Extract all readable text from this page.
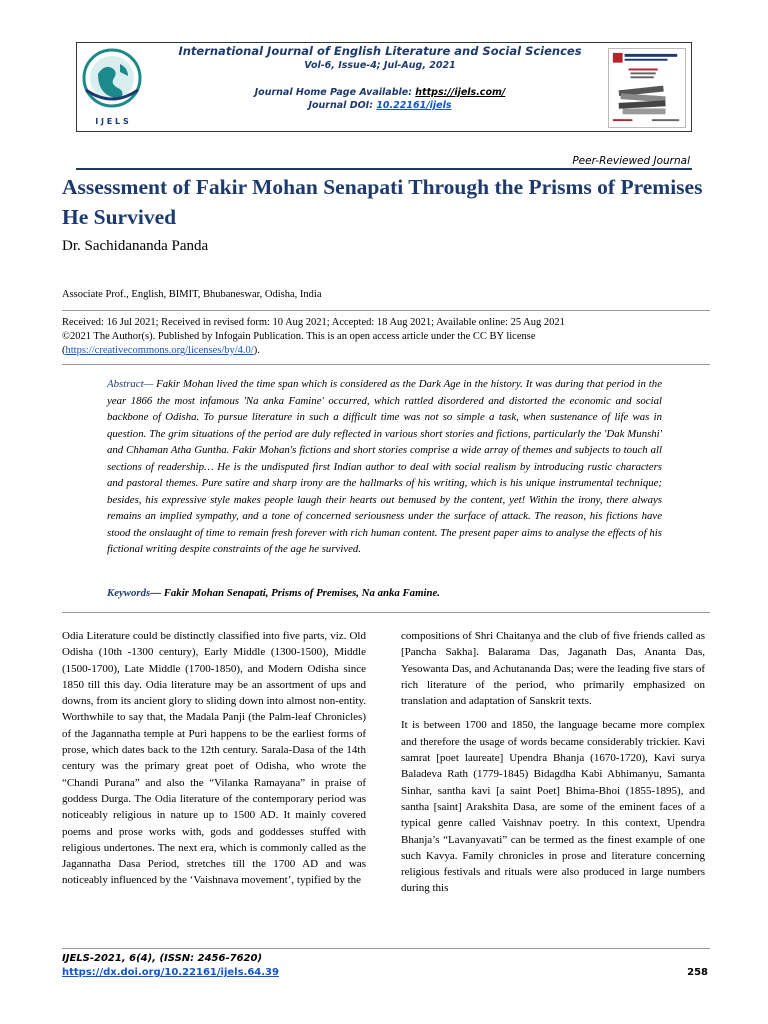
I J E L S
International Journal of English Literature and Social Sciences
Vol-6, Issue-4; Jul-Aug, 2021
Journal Home Page Available: https://ijels.com/
Journal DOI: 10.22161/ijels
Peer-Reviewed Journal
Assessment of Fakir Mohan Senapati Through the Prisms of Premises He Survived
Dr. Sachidananda Panda
Associate Prof., English, BIMIT, Bhubaneswar, Odisha, India
Received: 16 Jul 2021; Received in revised form: 10 Aug 2021; Accepted: 18 Aug 2021; Available online: 25 Aug 2021
©2021 The Author(s). Published by Infogain Publication. This is an open access article under the CC BY license
(https://creativecommons.org/licenses/by/4.0/).
Abstract— Fakir Mohan lived the time span which is considered as the Dark Age in the history. It was during that period in the year 1866 the most infamous 'Na anka Famine' occurred, which rattled disordered and distorted the economic and social backbone of Odisha. To pursue literature in such a difficult time was not so simple a task, when sustenance of life was in question. The grim situations of the period are duly reflected in various short stories and fictions, particularly the 'Dak Munshi' and Chhaman Atha Guntha. Fakir Mohan's fictions and short stories comprise a wide array of themes and subjects to touch all sections of readership… He is the undisputed first Indian author to deal with social realism by introducing rustic characters and pastoral themes. Pure satire and sharp irony are the hallmarks of his writing, which is his unique instrumental technique; besides, his expressive style makes people laugh their hearts out bemused by the content, yet! Within the irony, there always remains an implied sympathy, and a tone of concerned seriousness under the surface of attack. The reason, his fictions have stood the onslaught of time to remain fresh forever with rich human content. The present paper aims to analyse the effects of his fictional writing despite constraints of the age he survived.
Keywords— Fakir Mohan Senapati, Prisms of Premises, Na anka Famine.

Odia Literature could be distinctly classified into five parts, viz. Old Odisha (10th -1300 century), Early Middle (1300-1500), Middle (1500-1700), Late Middle (1700-1850), and Modern Odisha since 1850 till this day. Odia literature may be an assortment of ups and downs, from its ancient glory to sliding down into almost non-entity. Worthwhile to say that, the Madala Panji (the Palm-leaf Chronicles) of the Jagannatha temple at Puri happens to be the earliest forms of prose, which dates back to the 12th century. Sarala-Dasa of the 14th century was the primary great poet of Odisha, who wrote the “Chandi Purana” and also the “Vilanka Ramayana” in praise of goddess Durga. The Odia literature of the contemporary period was noticeably religious in nature up to 1500 AD. It mainly covered poems and prose works with, gods and goddesses stuffed with religious undertones. The next era, which is commonly called as the Jagannatha Dasa Period, stretches till the 1700 AD and was noticeably influenced by the ‘Vaishnava movement’, typified by the

compositions of Shri Chaitanya and the club of five friends called as [Pancha Sakha]. Balarama Das, Jaganath Das, Ananta Das, Yesowanta Das, and Achutananda Das; were the leading five stars of rich literature of the period, who primarily emphasized on translation and adaptation of Sanskrit texts.

It is between 1700 and 1850, the language became more complex and therefore the usage of words became considerably trickier. Kavi samrat [poet laureate] Upendra Bhanja (1670-1720), Kavi surya Baladeva Rath (1779-1845) Bidagdha Kabi Abhimanyu, Samanta Sinhar, santha kavi [a saint Poet] Bhima-Bhoi (1855-1895), and santha [saint] Arakshita Dasa, are some of the eminent faces of a typical genre called Vaishnav poetry. In this context, Upendra Bhanja’s “Lavanyavati” can be termed as the finest example of one such Kavya. Family chronicles in prose and literature concerning religious festivals and rituals were also produced in large numbers during this

IJELS-2021, 6(4), (ISSN: 2456-7620)
https://dx.doi.org/10.22161/ijels.64.39	258
